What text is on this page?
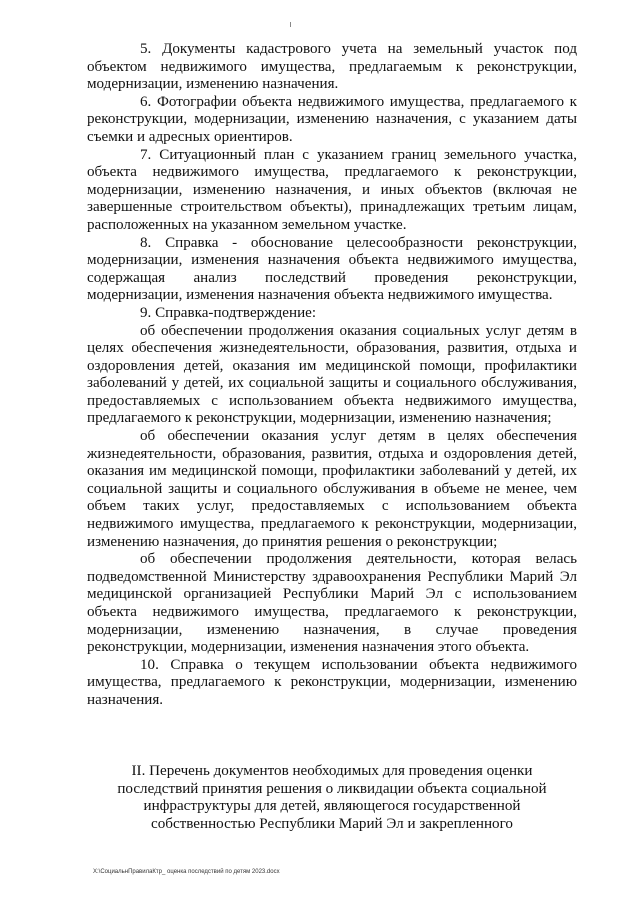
5. Документы кадастрового учета на земельный участок под объектом недвижимого имущества, предлагаемым к реконструкции, модернизации, изменению назначения.

6. Фотографии объекта недвижимого имущества, предлагаемого к реконструкции, модернизации, изменению назначения, с указанием даты съемки и адресных ориентиров.

7. Ситуационный план с указанием границ земельного участка, объекта недвижимого имущества, предлагаемого к реконструкции, модернизации, изменению назначения, и иных объектов (включая не завершенные строительством объекты), принадлежащих третьим лицам, расположенных на указанном земельном участке.

8. Справка - обоснование целесообразности реконструкции, модернизации, изменения назначения объекта недвижимого имущества, содержащая анализ последствий проведения реконструкции, модернизации, изменения назначения объекта недвижимого имущества.

9. Справка-подтверждение:

об обеспечении продолжения оказания социальных услуг детям в целях обеспечения жизнедеятельности, образования, развития, отдыха и оздоровления детей, оказания им медицинской помощи, профилактики заболеваний у детей, их социальной защиты и социального обслуживания, предоставляемых с использованием объекта недвижимого имущества, предлагаемого к реконструкции, модернизации, изменению назначения;

об обеспечении оказания услуг детям в целях обеспечения жизнедеятельности, образования, развития, отдыха и оздоровления детей, оказания им медицинской помощи, профилактики заболеваний у детей, их социальной защиты и социального обслуживания в объеме не менее, чем объем таких услуг, предоставляемых с использованием объекта недвижимого имущества, предлагаемого к реконструкции, модернизации, изменению назначения, до принятия решения о реконструкции;

об обеспечении продолжения деятельности, которая велась подведомственной Министерству здравоохранения Республики Марий Эл медицинской организацией Республики Марий Эл с использованием объекта недвижимого имущества, предлагаемого к реконструкции, модернизации, изменению назначения, в случае проведения реконструкции, модернизации, изменения назначения этого объекта.

10. Справка о текущем использовании объекта недвижимого имущества, предлагаемого к реконструкции, модернизации, изменению назначения.

II. Перечень документов необходимых для проведения оценки
последствий принятия решения о ликвидации объекта социальной
инфраструктуры для детей, являющегося государственной
собственностью Республики Марий Эл и закрепленного
X:\СоциальнПравилаКтр_ оценка последствий по детям 2023.docx
